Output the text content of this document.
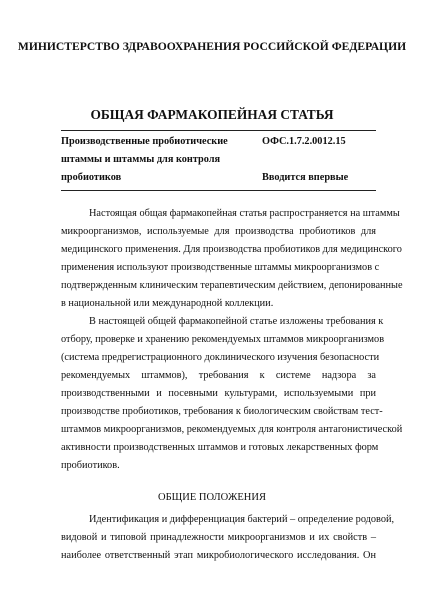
МИНИСТЕРСТВО ЗДРАВООХРАНЕНИЯ РОССИЙСКОЙ ФЕДЕРАЦИИ
ОБЩАЯ ФАРМАКОПЕЙНАЯ СТАТЬЯ
Производственные пробиотические
штаммы и штаммы для контроля
пробиотиков
ОФС.1.7.2.0012.15
Вводится впервые
Настоящая общая фармакопейная статья распространяется на штаммы
микроорганизмов, используемые для производства пробиотиков для
медицинского применения. Для производства пробиотиков для медицинского
применения используют производственные штаммы микроорганизмов с
подтвержденным клиническим терапевтическим действием, депонированные
в национальной или международной коллекции.
В настоящей общей фармакопейной статье изложены требования к
отбору, проверке и хранению рекомендуемых штаммов микроорганизмов
(система предрегистрационного доклинического изучения безопасности
рекомендуемых штаммов), требования к системе надзора за
производственными и посевными культурами, используемыми при
производстве пробиотиков, требования к биологическим свойствам тест-
штаммов микроорганизмов, рекомендуемых для контроля антагонистической
активности производственных штаммов и готовых лекарственных форм
пробиотиков.
ОБЩИЕ ПОЛОЖЕНИЯ
Идентификация и дифференциация бактерий – определение родовой,
видовой и типовой принадлежности микроорганизмов и их свойств –
наиболее ответственный этап микробиологического исследования. Он
